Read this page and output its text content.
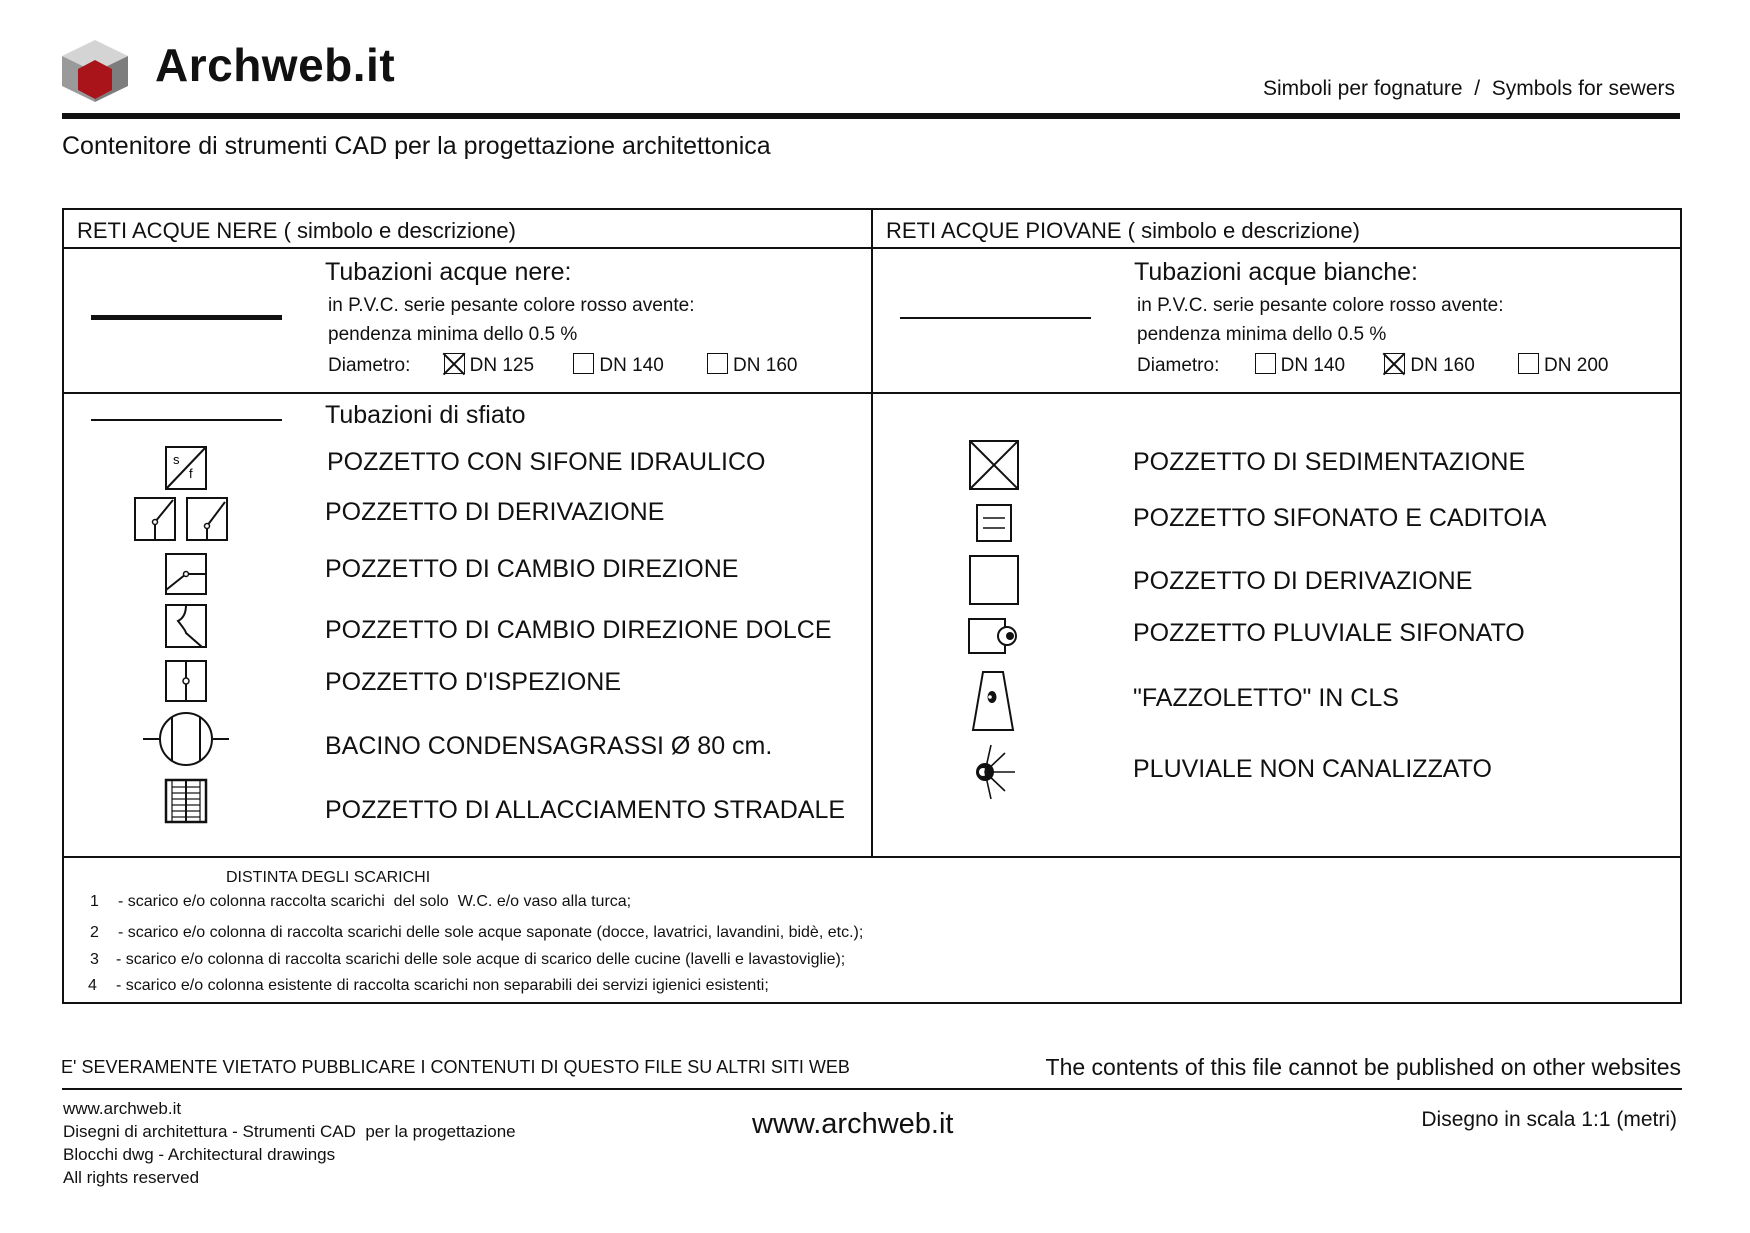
Archweb.it	Simboli per fognature  /  Symbols for sewers
Contenitore di strumenti CAD per la progettazione architettonica
RETI ACQUE NERE ( simbolo e descrizione)	RETI ACQUE PIOVANE ( simbolo e descrizione)
Tubazioni acque nere:
in P.V.C. serie pesante colore rosso avente:
pendenza minima dello 0.5 %
Diametro:	DN 125	DN 140	DN 160
Tubazioni acque bianche:
in P.V.C. serie pesante colore rosso avente:
pendenza minima dello 0.5 %
Diametro:	DN 140	DN 160	DN 200
s
f
Tubazioni di sfiato
POZZETTO CON SIFONE IDRAULICO
POZZETTO DI DERIVAZIONE
POZZETTO DI CAMBIO DIREZIONE
POZZETTO DI CAMBIO DIREZIONE DOLCE
POZZETTO D'ISPEZIONE
BACINO CONDENSAGRASSI Ø 80 cm.
POZZETTO DI ALLACCIAMENTO STRADALE
POZZETTO DI SEDIMENTAZIONE
POZZETTO SIFONATO E CADITOIA
POZZETTO DI DERIVAZIONE
POZZETTO PLUVIALE SIFONATO
"FAZZOLETTO" IN CLS
PLUVIALE NON CANALIZZATO
DISTINTA DEGLI SCARICHI
1 - scarico e/o colonna raccolta scarichi  del solo  W.C. e/o vaso alla turca;
2 - scarico e/o colonna di raccolta scarichi delle sole acque saponate (docce, lavatrici, lavandini, bidè, etc.);
3 - scarico e/o colonna di raccolta scarichi delle sole acque di scarico delle cucine (lavelli e lavastoviglie);
4 - scarico e/o colonna esistente di raccolta scarichi non separabili dei servizi igienici esistenti;
E' SEVERAMENTE VIETATO PUBBLICARE I CONTENUTI DI QUESTO FILE SU ALTRI SITI WEB	The contents of this file cannot be published on other websites
www.archweb.it
Disegni di architettura - Strumenti CAD  per la progettazione
Blocchi dwg - Architectural drawings
All rights reserved
www.archweb.it	Disegno in scala 1:1 (metri)
